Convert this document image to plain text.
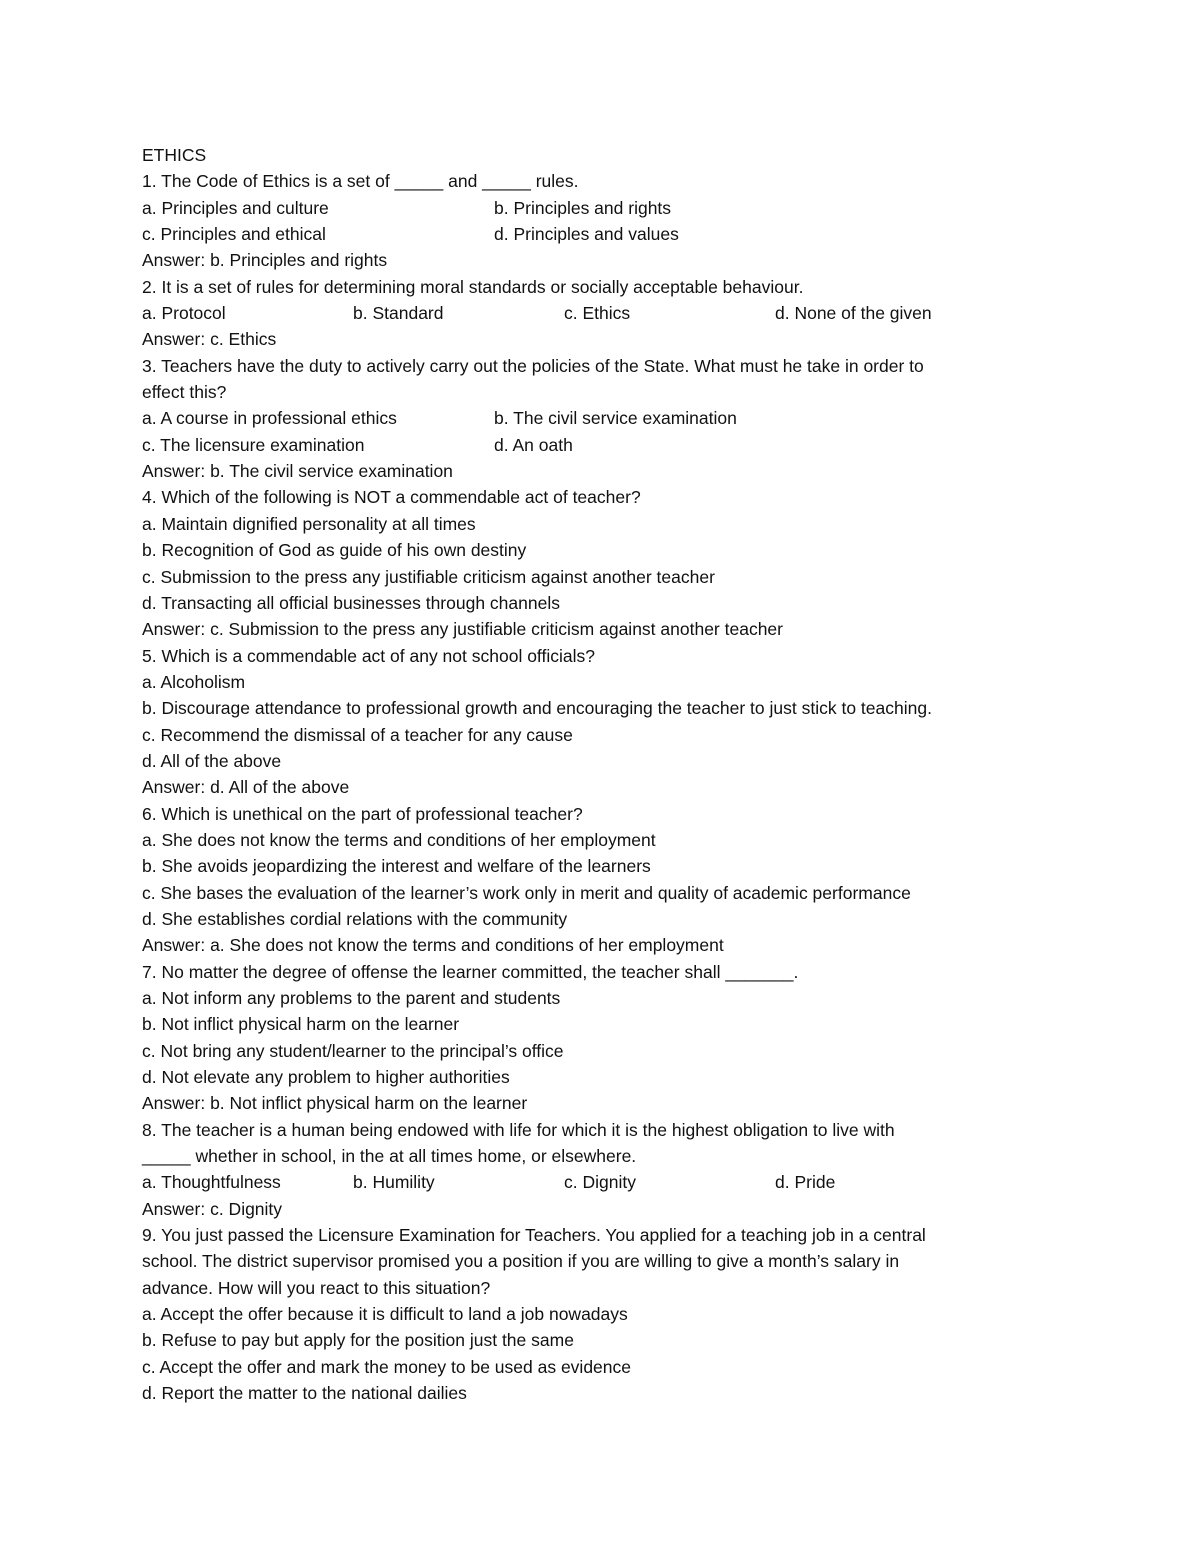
ETHICS
1. The Code of Ethics is a set of _____ and _____ rules.
a. Principles and culture	b. Principles and rights
c. Principles and ethical	d. Principles and values
Answer: b. Principles and rights
2. It is a set of rules for determining moral standards or socially acceptable behaviour.
a. Protocol	b. Standard	c. Ethics	d. None of the given
Answer: c. Ethics
3. Teachers have the duty to actively carry out the policies of the State. What must he take in order to
effect this?
a. A course in professional ethics	b. The civil service examination
c. The licensure examination	d. An oath
Answer: b. The civil service examination
4. Which of the following is NOT a commendable act of teacher?
a. Maintain dignified personality at all times
b. Recognition of God as guide of his own destiny
c. Submission to the press any justifiable criticism against another teacher
d. Transacting all official businesses through channels
Answer: c. Submission to the press any justifiable criticism against another teacher
5. Which is a commendable act of any not school officials?
a. Alcoholism
b. Discourage attendance to professional growth and encouraging the teacher to just stick to teaching.
c. Recommend the dismissal of a teacher for any cause
d. All of the above
Answer: d. All of the above
6. Which is unethical on the part of professional teacher?
a. She does not know the terms and conditions of her employment
b. She avoids jeopardizing the interest and welfare of the learners
c. She bases the evaluation of the learner’s work only in merit and quality of academic performance
d. She establishes cordial relations with the community
Answer: a. She does not know the terms and conditions of her employment
7. No matter the degree of offense the learner committed, the teacher shall _______.
a. Not inform any problems to the parent and students
b. Not inflict physical harm on the learner
c. Not bring any student/learner to the principal’s office
d. Not elevate any problem to higher authorities
Answer: b. Not inflict physical harm on the learner
8. The teacher is a human being endowed with life for which it is the highest obligation to live with
_____ whether in school, in the at all times home, or elsewhere.
a. Thoughtfulness	b. Humility	c. Dignity	d. Pride
Answer: c. Dignity
9. You just passed the Licensure Examination for Teachers. You applied for a teaching job in a central
school. The district supervisor promised you a position if you are willing to give a month’s salary in
advance. How will you react to this situation?
a. Accept the offer because it is difficult to land a job nowadays
b. Refuse to pay but apply for the position just the same
c. Accept the offer and mark the money to be used as evidence
d. Report the matter to the national dailies
